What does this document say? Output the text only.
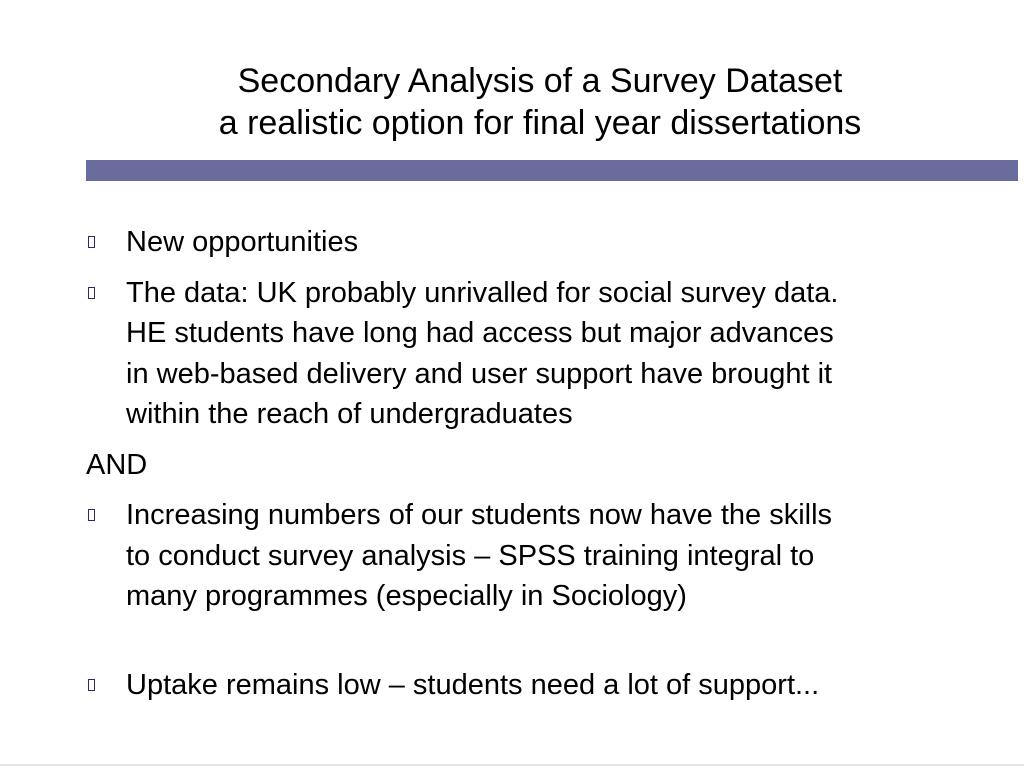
Secondary Analysis of a Survey Dataset
a realistic option for final year dissertations
New opportunities
The data: UK probably unrivalled for social survey data.
HE students have long had access but major advances
in web-based delivery and user support have brought it
within the reach of undergraduates
AND
Increasing numbers of our students now have the skills
to conduct survey analysis – SPSS training integral to
many programmes (especially in Sociology)
Uptake remains low – students need a lot of support...
